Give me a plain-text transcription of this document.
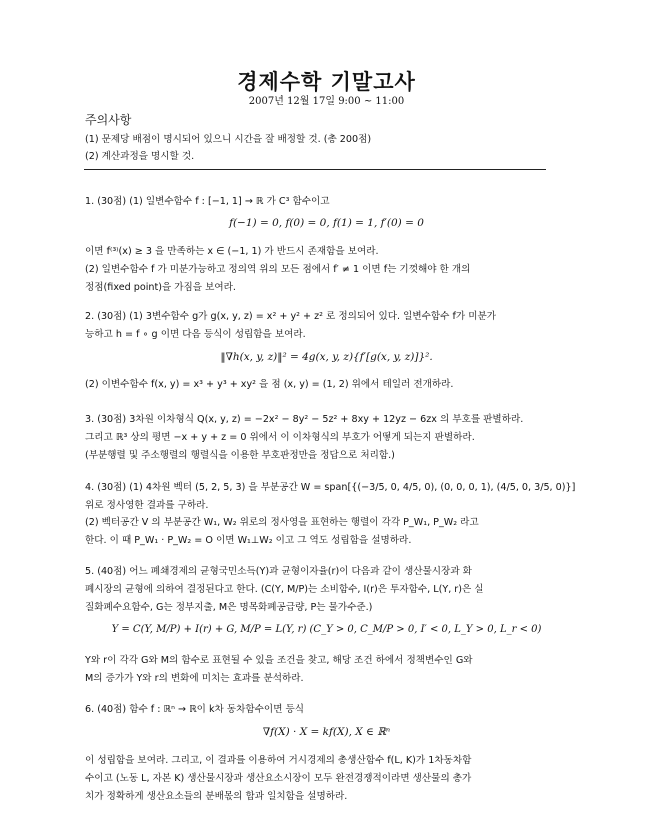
경제수학 기말고사
2007년 12월 17일 9:00 ~ 11:00
주의사항
(1) 문제당 배점이 명시되어 있으니 시간을 잘 배정할 것. (총 200점)
(2) 계산과정을 명시할 것.
1. (30점) (1) 일변수함수 f : [−1, 1] → ℝ 가 C³ 함수이고
f(−1) = 0, f(0) = 0, f(1) = 1, f′(0) = 0
이면 f⁽³⁾(x) ≥ 3 을 만족하는 x ∈ (−1, 1) 가 반드시 존재함을 보여라.
(2) 일변수함수 f 가 미분가능하고 정의역 위의 모든 점에서 f′ ≠ 1 이면 f는 기껏해야 한 개의
정점(fixed point)을 가짐을 보여라.
2. (30점) (1) 3변수함수 g가 g(x, y, z) = x² + y² + z² 로 정의되어 있다. 일변수함수 f가 미분가
능하고 h = f ∘ g 이면 다음 등식이 성립함을 보여라.
‖∇h(x, y, z)‖² = 4g(x, y, z){f′[g(x, y, z)]}².
(2) 이변수함수 f(x, y) = x³ + y³ + xy² 을 점 (x, y) = (1, 2) 위에서 테일러 전개하라.
3. (30점) 3차원 이차형식 Q(x, y, z) = −2x² − 8y² − 5z² + 8xy + 12yz − 6zx 의 부호를 판별하라.
그리고 ℝ³ 상의 평면 −x + y + z = 0 위에서 이 이차형식의 부호가 어떻게 되는지 판별하라.
(부분행렬 및 주소행렬의 행렬식을 이용한 부호판정만을 정답으로 처리함.)
4. (30점) (1) 4차원 벡터 (5, 2, 5, 3) 을 부분공간 W = span[{(−3/5, 0, 4/5, 0), (0, 0, 0, 1), (4/5, 0, 3/5, 0)}]
위로 정사영한 결과를 구하라.
(2) 벡터공간 V 의 부분공간 W₁, W₂ 위로의 정사영을 표현하는 행렬이 각각 P_W₁, P_W₂ 라고
한다. 이 때 P_W₁ · P_W₂ = O 이면 W₁⊥W₂ 이고 그 역도 성립함을 설명하라.
5. (40점) 어느 폐쇄경제의 균형국민소득(Y)과 균형이자율(r)이 다음과 같이 생산물시장과 화
폐시장의 균형에 의하여 결정된다고 한다. (C(Y, M/P)는 소비함수, I(r)은 투자함수, L(Y, r)은 실
질화폐수요함수, G는 정부지출, M은 명목화폐공급량, P는 물가수준.)
Y = C(Y, M/P) + I(r) + G, M/P = L(Y, r) (C_Y > 0, C_M/P > 0, I′ < 0, L_Y > 0, L_r < 0)
Y와 r이 각각 G와 M의 함수로 표현될 수 있을 조건을 찾고, 해당 조건 하에서 정책변수인 G와
M의 증가가 Y와 r의 변화에 미치는 효과를 분석하라.
6. (40점) 함수 f : ℝⁿ → ℝ이 k차 동차함수이면 등식
∇f(X) · X = kf(X), X ∈ ℝⁿ
이 성립함을 보여라. 그리고, 이 결과를 이용하여 거시경제의 총생산함수 f(L, K)가 1차동차함
수이고 (노동 L, 자본 K) 생산물시장과 생산요소시장이 모두 완전경쟁적이라면 생산물의 총가
치가 정확하게 생산요소들의 분배몫의 합과 일치함을 설명하라.
